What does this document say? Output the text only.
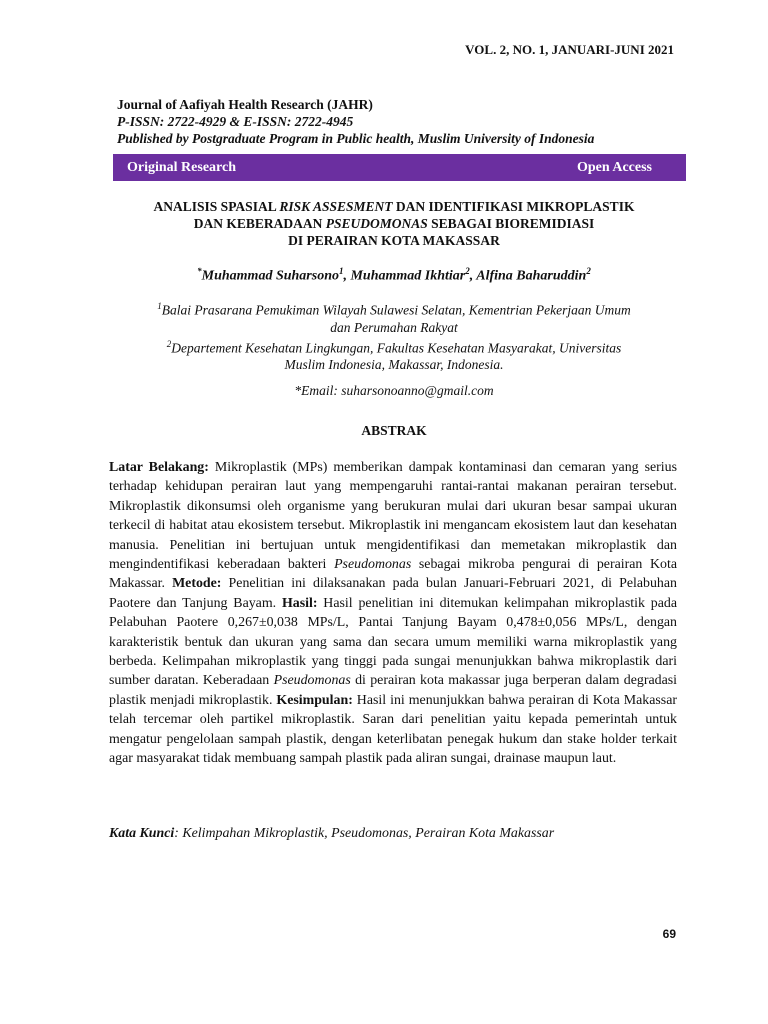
VOL. 2, NO. 1, JANUARI-JUNI 2021
Journal of Aafiyah Health Research (JAHR)
P-ISSN: 2722-4929 & E-ISSN: 2722-4945
Published by Postgraduate Program in Public health, Muslim University of Indonesia
Original Research	Open Access
ANALISIS SPASIAL RISK ASSESMENT DAN IDENTIFIKASI MIKROPLASTIK
DAN KEBERADAAN PSEUDOMONAS SEBAGAI BIOREMIDIASI
DI PERAIRAN KOTA MAKASSAR
*Muhammad Suharsono$^1$, Muhammad Ikhtiar$^2$, Alfina Baharuddin$^2$
$^1$Balai Prasarana Pemukiman Wilayah Sulawesi Selatan, Kementrian Pekerjaan Umum
dan Perumahan Rakyat
$^2$Departement Kesehatan Lingkungan, Fakultas Kesehatan Masyarakat, Universitas
Muslim Indonesia, Makassar, Indonesia.
*Email: suharsonoanno@gmail.com
ABSTRAK
Latar Belakang: Mikroplastik (MPs) memberikan dampak kontaminasi dan cemaran yang serius terhadap kehidupan perairan laut yang mempengaruhi rantai-rantai makanan perairan tersebut. Mikroplastik dikonsumsi oleh organisme yang berukuran mulai dari ukuran besar sampai ukuran terkecil di habitat atau ekosistem tersebut. Mikroplastik ini mengancam ekosistem laut dan kesehatan manusia. Penelitian ini bertujuan untuk mengidentifikasi dan memetakan mikroplastik dan mengindentifikasi keberadaan bakteri Pseudomonas sebagai mikroba pengurai di perairan Kota Makassar. Metode: Penelitian ini dilaksanakan pada bulan Januari-Februari 2021, di Pelabuhan Paotere dan Tanjung Bayam. Hasil: Hasil penelitian ini ditemukan kelimpahan mikroplastik pada Pelabuhan Paotere 0,267±0,038 MPs/L, Pantai Tanjung Bayam 0,478±0,056 MPs/L, dengan karakteristik bentuk dan ukuran yang sama dan secara umum memiliki warna mikroplastik yang berbeda. Kelimpahan mikroplastik yang tinggi pada sungai menunjukkan bahwa mikroplastik dari sumber daratan. Keberadaan Pseudomonas di perairan kota makassar juga berperan dalam degradasi plastik menjadi mikroplastik. Kesimpulan: Hasil ini menunjukkan bahwa perairan di Kota Makassar telah tercemar oleh partikel mikroplastik. Saran dari penelitian yaitu kepada pemerintah untuk mengatur pengelolaan sampah plastik, dengan keterlibatan penegak hukum dan stake holder terkait agar masyarakat tidak membuang sampah plastik pada aliran sungai, drainase maupun laut.
Kata Kunci: Kelimpahan Mikroplastik, Pseudomonas, Perairan Kota Makassar
69
